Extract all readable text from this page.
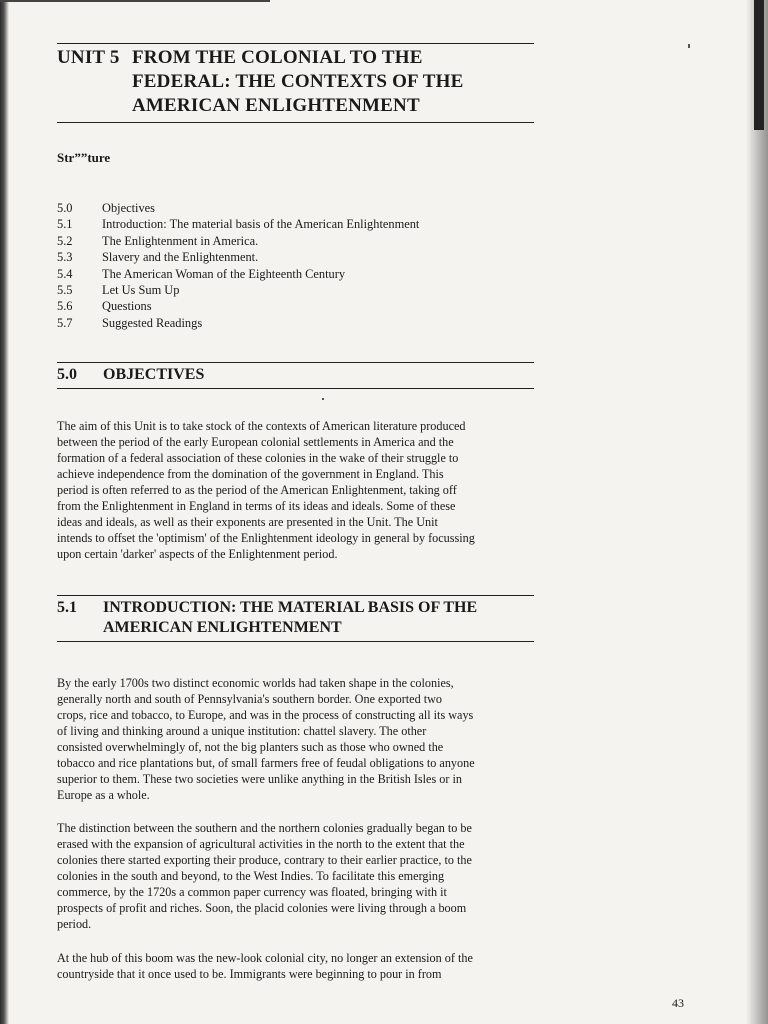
UNIT 5 FROM THE COLONIAL TO THE
FEDERAL: THE CONTEXTS OF THE
AMERICAN ENLIGHTENMENT
Str””ture
5.0	Objectives
5.1	Introduction: The material basis of the American Enlightenment
5.2	The Enlightenment in America.
5.3	Slavery and the Enlightenment.
5.4	The American Woman of the Eighteenth Century
5.5	Let Us Sum Up
5.6	Questions
5.7	Suggested Readings
5.0	OBJECTIVES

The aim of this Unit is to take stock of the contexts of American literature produced
between the period of the early European colonial settlements in America and the
formation of a federal association of these colonies in the wake of their struggle to
achieve independence from the domination of the government in England. This
period is often referred to as the period of the American Enlightenment, taking off
from the Enlightenment in England in terms of its ideas and ideals. Some of these
ideas and ideals, as well as their exponents are presented in the Unit. The Unit
intends to offset the 'optimism' of the Enlightenment ideology in general by focussing
upon certain 'darker' aspects of the Enlightenment period.

5.1	INTRODUCTION: THE MATERIAL BASIS OF THE
AMERICAN ENLIGHTENMENT

By the early 1700s two distinct economic worlds had taken shape in the colonies,
generally north and south of Pennsylvania's southern border. One exported two
crops, rice and tobacco, to Europe, and was in the process of constructing all its ways
of living and thinking around a unique institution: chattel slavery. The other
consisted overwhelmingly of, not the big planters such as those who owned the
tobacco and rice plantations but, of small farmers free of feudal obligations to anyone
superior to them. These two societies were unlike anything in the British Isles or in
Europe as a whole.

The distinction between the southern and the northern colonies gradually began to be
erased with the expansion of agricultural activities in the north to the extent that the
colonies there started exporting their produce, contrary to their earlier practice, to the
colonies in the south and beyond, to the West Indies. To facilitate this emerging
commerce, by the 1720s a common paper currency was floated, bringing with it
prospects of profit and riches. Soon, the placid colonies were living through a boom
period.

At the hub of this boom was the new-look colonial city, no longer an extension of the
countryside that it once used to be. Immigrants were beginning to pour in from

43
